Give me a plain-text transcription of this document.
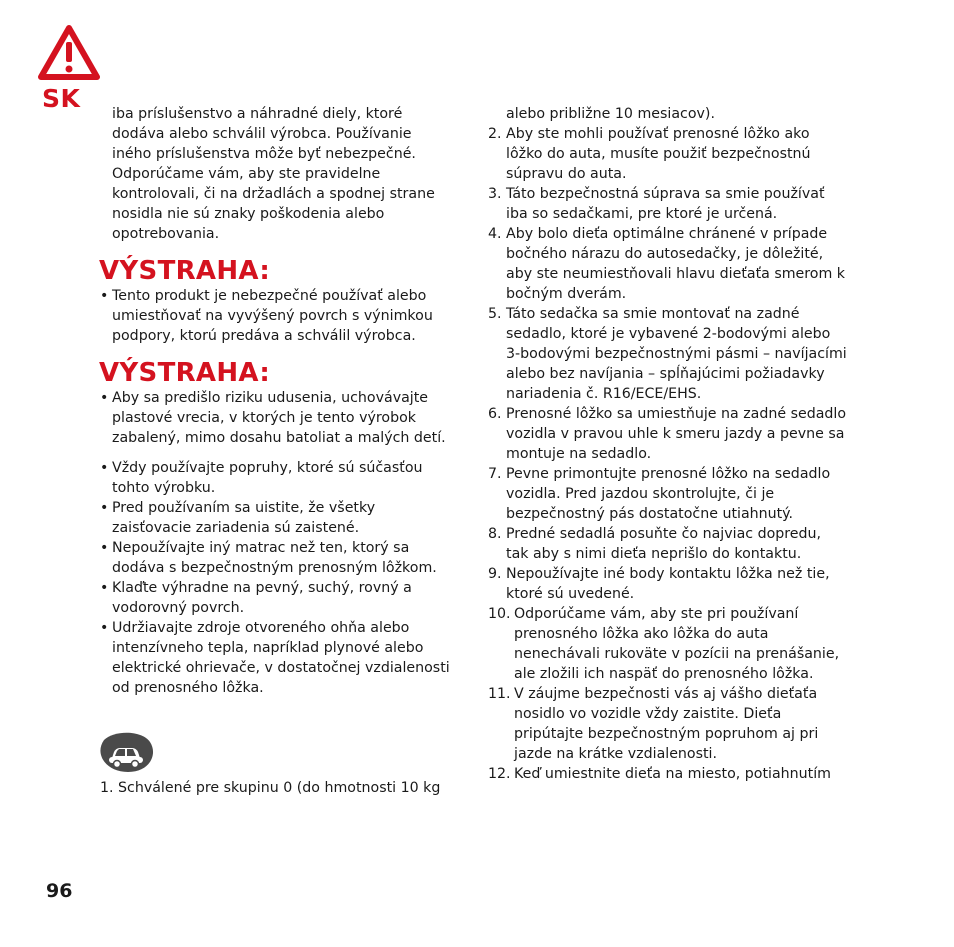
SK

iba príslušenstvo a náhradné diely, ktoré dodáva alebo schválil výrobca. Používanie iného príslušenstva môže byť nebezpečné. Odporúčame vám, aby ste pravidelne kontrolovali, či na držadlách a spodnej strane nosidla nie sú znaky poškodenia alebo opotrebovania.

VÝSTRAHA:
• Tento produkt je nebezpečné používať alebo umiestňovať na vyvýšený povrch s výnimkou podpory, ktorú predáva a schválil výrobca.
VÝSTRAHA:
• Aby sa predišlo riziku udusenia, uchovávajte plastové vrecia, v ktorých je tento výrobok zabalený, mimo dosahu batoliat a malých detí.
• Vždy používajte popruhy, ktoré sú súčasťou tohto výrobku.
• Pred používaním sa uistite, že všetky zaisťovacie zariadenia sú zaistené.
• Nepoužívajte iný matrac než ten, ktorý sa dodáva s bezpečnostným prenosným lôžkom.
• Klaďte výhradne na pevný, suchý, rovný a vodorovný povrch.
• Udržiavajte zdroje otvoreného ohňa alebo intenzívneho tepla, napríklad plynové alebo elektrické ohrievače, v dostatočnej vzdialenosti od prenosného lôžka.

1. Schválené pre skupinu 0 (do hmotnosti 10 kg

alebo približne 10 mesiacov).
2. Aby ste mohli používať prenosné lôžko ako lôžko do auta, musíte použiť bezpečnostnú súpravu do auta.
3. Táto bezpečnostná súprava sa smie používať iba so sedačkami, pre ktoré je určená.
4. Aby bolo dieťa optimálne chránené v prípade bočného nárazu do autosedačky, je dôležité, aby ste neumiestňovali hlavu dieťaťa smerom k bočným dverám.
5. Táto sedačka sa smie montovať na zadné sedadlo, ktoré je vybavené 2-bodovými alebo 3-bodovými bezpečnostnými pásmi – navíjacími alebo bez navíjania – spĺňajúcimi požiadavky nariadenia č. R16/ECE/EHS.
6. Prenosné lôžko sa umiestňuje na zadné sedadlo vozidla v pravou uhle k smeru jazdy a pevne sa montuje na sedadlo.
7. Pevne primontujte prenosné lôžko na sedadlo vozidla. Pred jazdou skontrolujte, či je bezpečnostný pás dostatočne utiahnutý.
8. Predné sedadlá posuňte čo najviac dopredu, tak aby s nimi dieťa neprišlo do kontaktu.
9. Nepoužívajte iné body kontaktu lôžka než tie, ktoré sú uvedené.
10. Odporúčame vám, aby ste pri používaní prenosného lôžka ako lôžka do auta nenechávali rukoväte v pozícii na prenášanie, ale zložili ich naspäť do prenosného lôžka.
11. V záujme bezpečnosti vás aj vášho dieťaťa nosidlo vo vozidle vždy zaistite. Dieťa pripútajte bezpečnostným popruhom aj pri jazde na krátke vzdialenosti.
12. Keď umiestnite dieťa na miesto, potiahnutím
96
